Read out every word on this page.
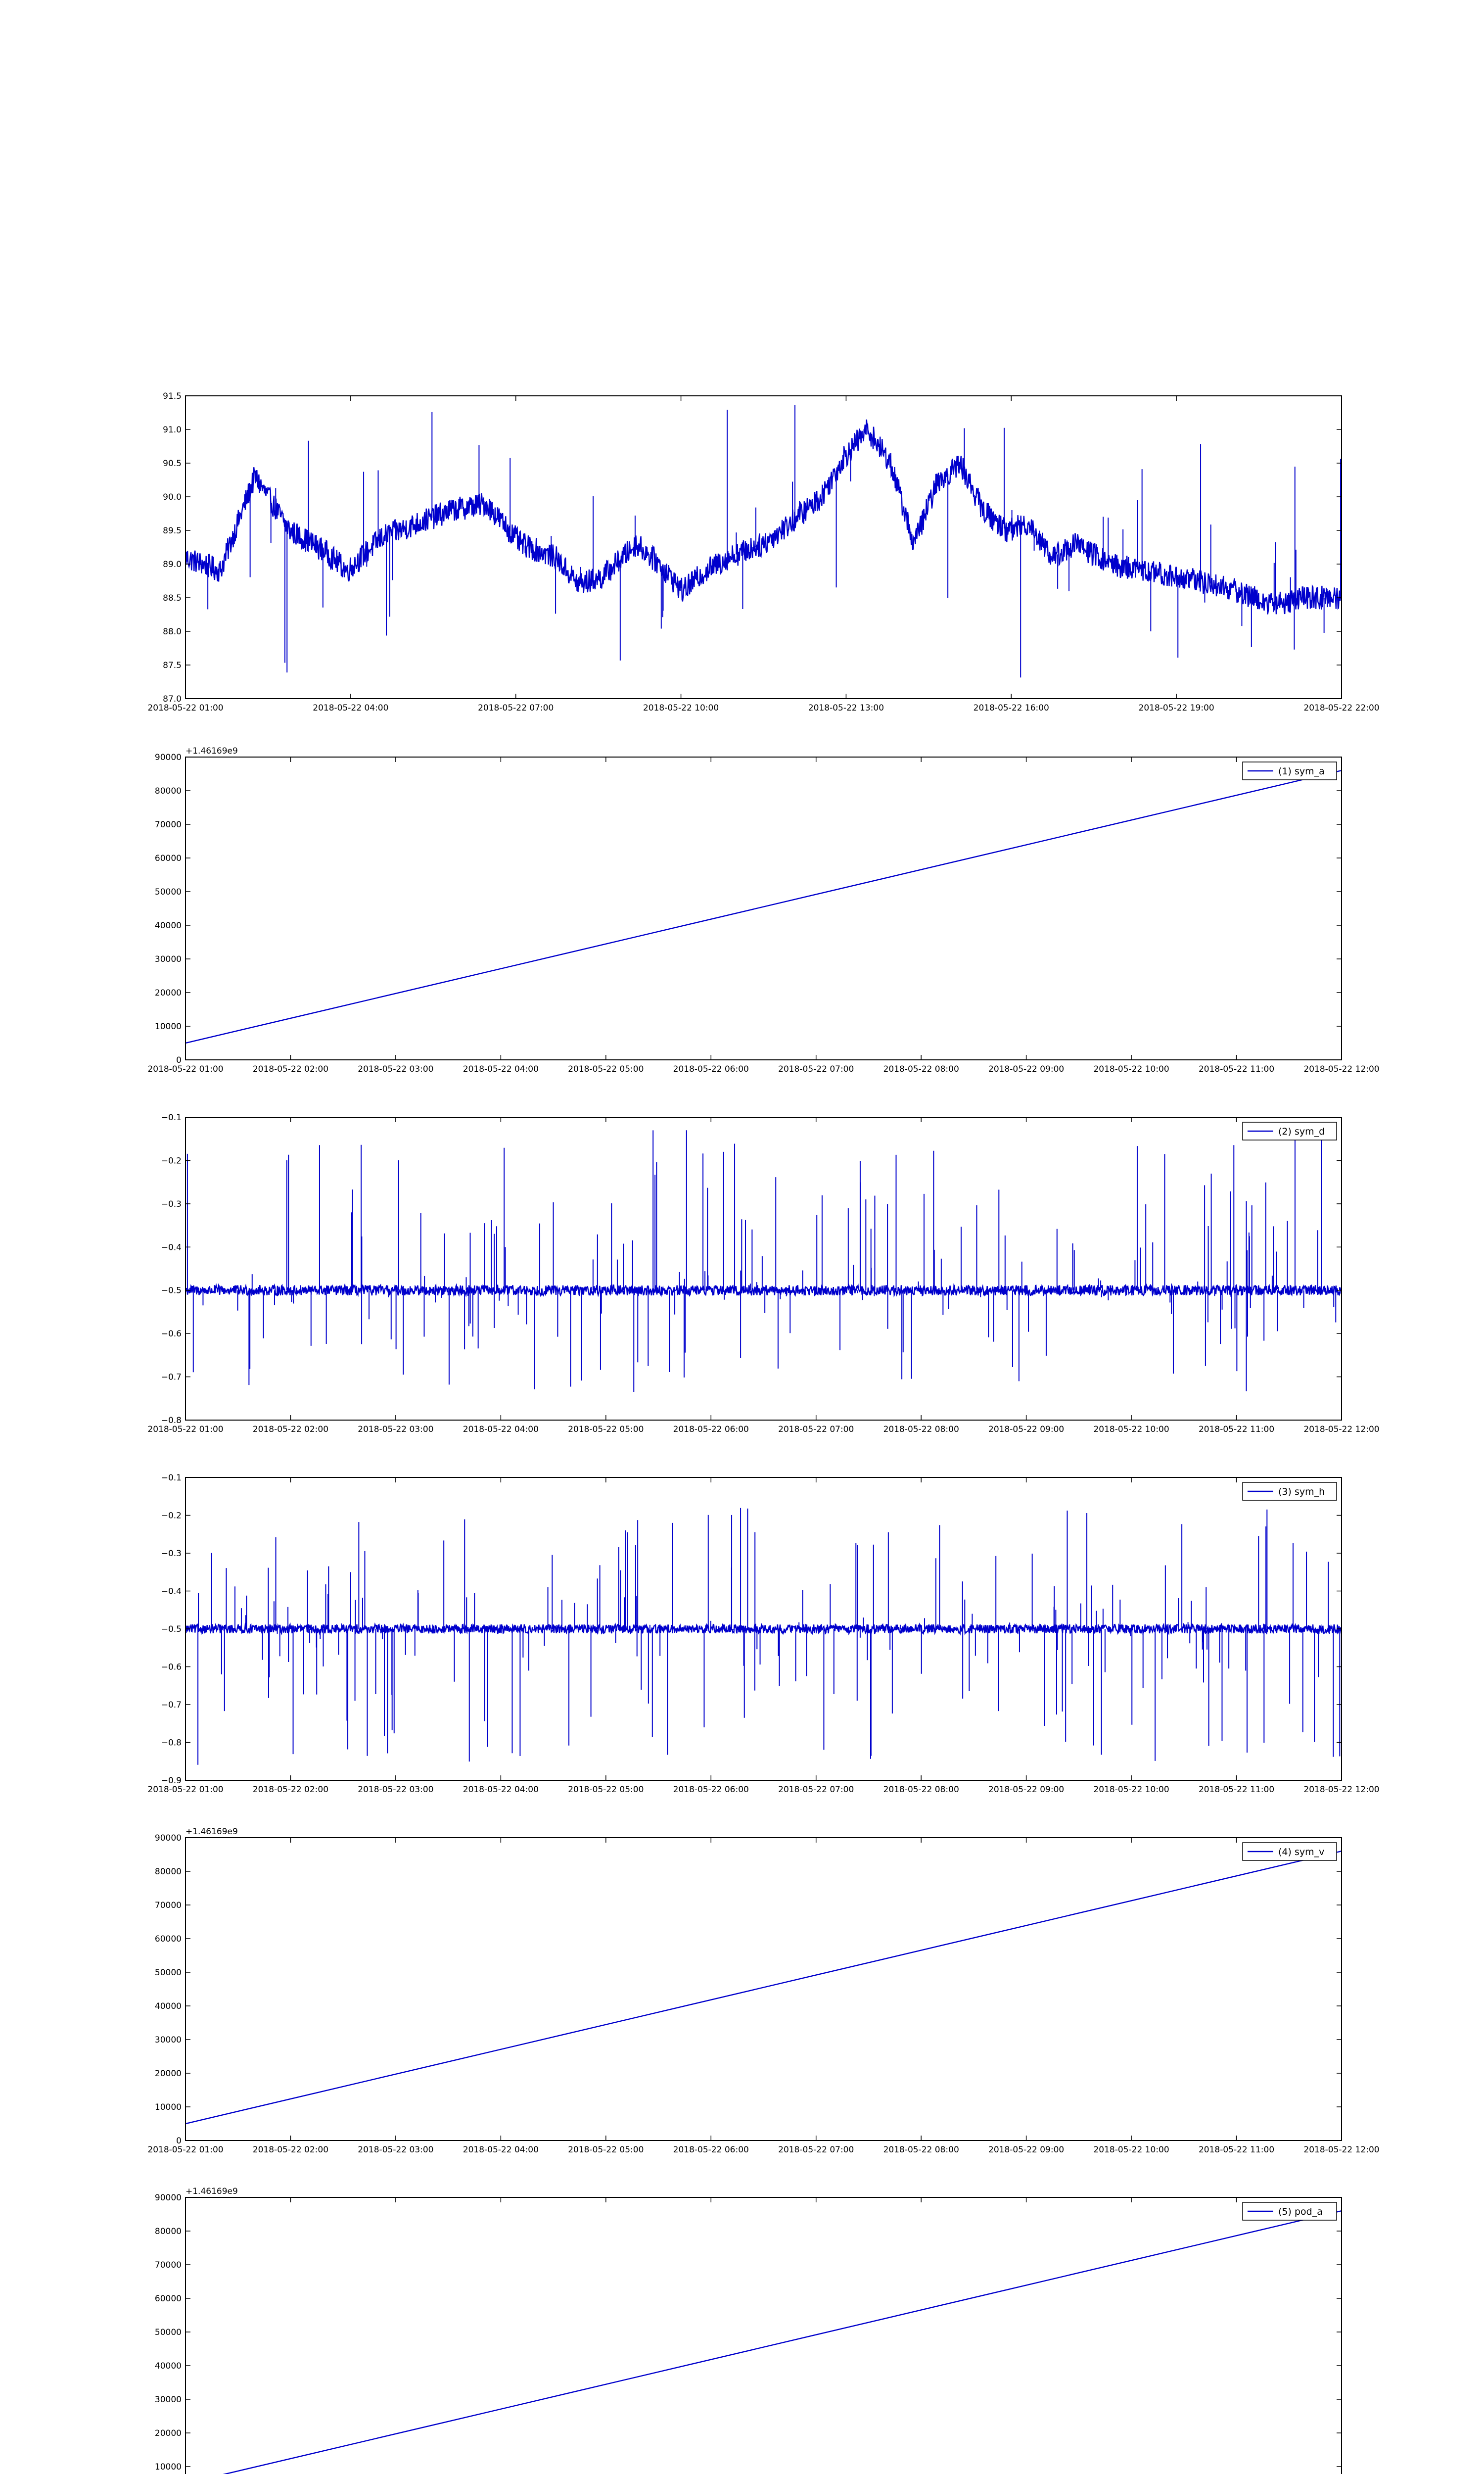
87.0
87.5
88.0
88.5
89.0
89.5
90.0
90.5
91.0
91.5
2018-05-22 01:00	2018-05-22 04:00	2018-05-22 07:00	2018-05-22 10:00	2018-05-22 13:00	2018-05-22 16:00	2018-05-22 19:00	2018-05-22 22:00
0
10000
20000
30000
40000
50000
60000
70000
80000
90000
2018-05-22 01:00	2018-05-22 02:00	2018-05-22 03:00	2018-05-22 04:00	2018-05-22 05:00	2018-05-22 06:00	2018-05-22 07:00	2018-05-22 08:00	2018-05-22 09:00	2018-05-22 10:00	2018-05-22 11:00	2018-05-22 12:00
+1.46169e9
(1) sym_a
−0.8
−0.7
−0.6
−0.5
−0.4
−0.3
−0.2
−0.1
2018-05-22 01:00	2018-05-22 02:00	2018-05-22 03:00	2018-05-22 04:00	2018-05-22 05:00	2018-05-22 06:00	2018-05-22 07:00	2018-05-22 08:00	2018-05-22 09:00	2018-05-22 10:00	2018-05-22 11:00	2018-05-22 12:00
(2) sym_d
−0.9
−0.8
−0.7
−0.6
−0.5
−0.4
−0.3
−0.2
−0.1
2018-05-22 01:00	2018-05-22 02:00	2018-05-22 03:00	2018-05-22 04:00	2018-05-22 05:00	2018-05-22 06:00	2018-05-22 07:00	2018-05-22 08:00	2018-05-22 09:00	2018-05-22 10:00	2018-05-22 11:00	2018-05-22 12:00
(3) sym_h
0
10000
20000
30000
40000
50000
60000
70000
80000
90000
2018-05-22 01:00	2018-05-22 02:00	2018-05-22 03:00	2018-05-22 04:00	2018-05-22 05:00	2018-05-22 06:00	2018-05-22 07:00	2018-05-22 08:00	2018-05-22 09:00	2018-05-22 10:00	2018-05-22 11:00	2018-05-22 12:00
+1.46169e9
(4) sym_v
10000
20000
30000
40000
50000
60000
70000
80000
90000
+1.46169e9
(5) pod_a
